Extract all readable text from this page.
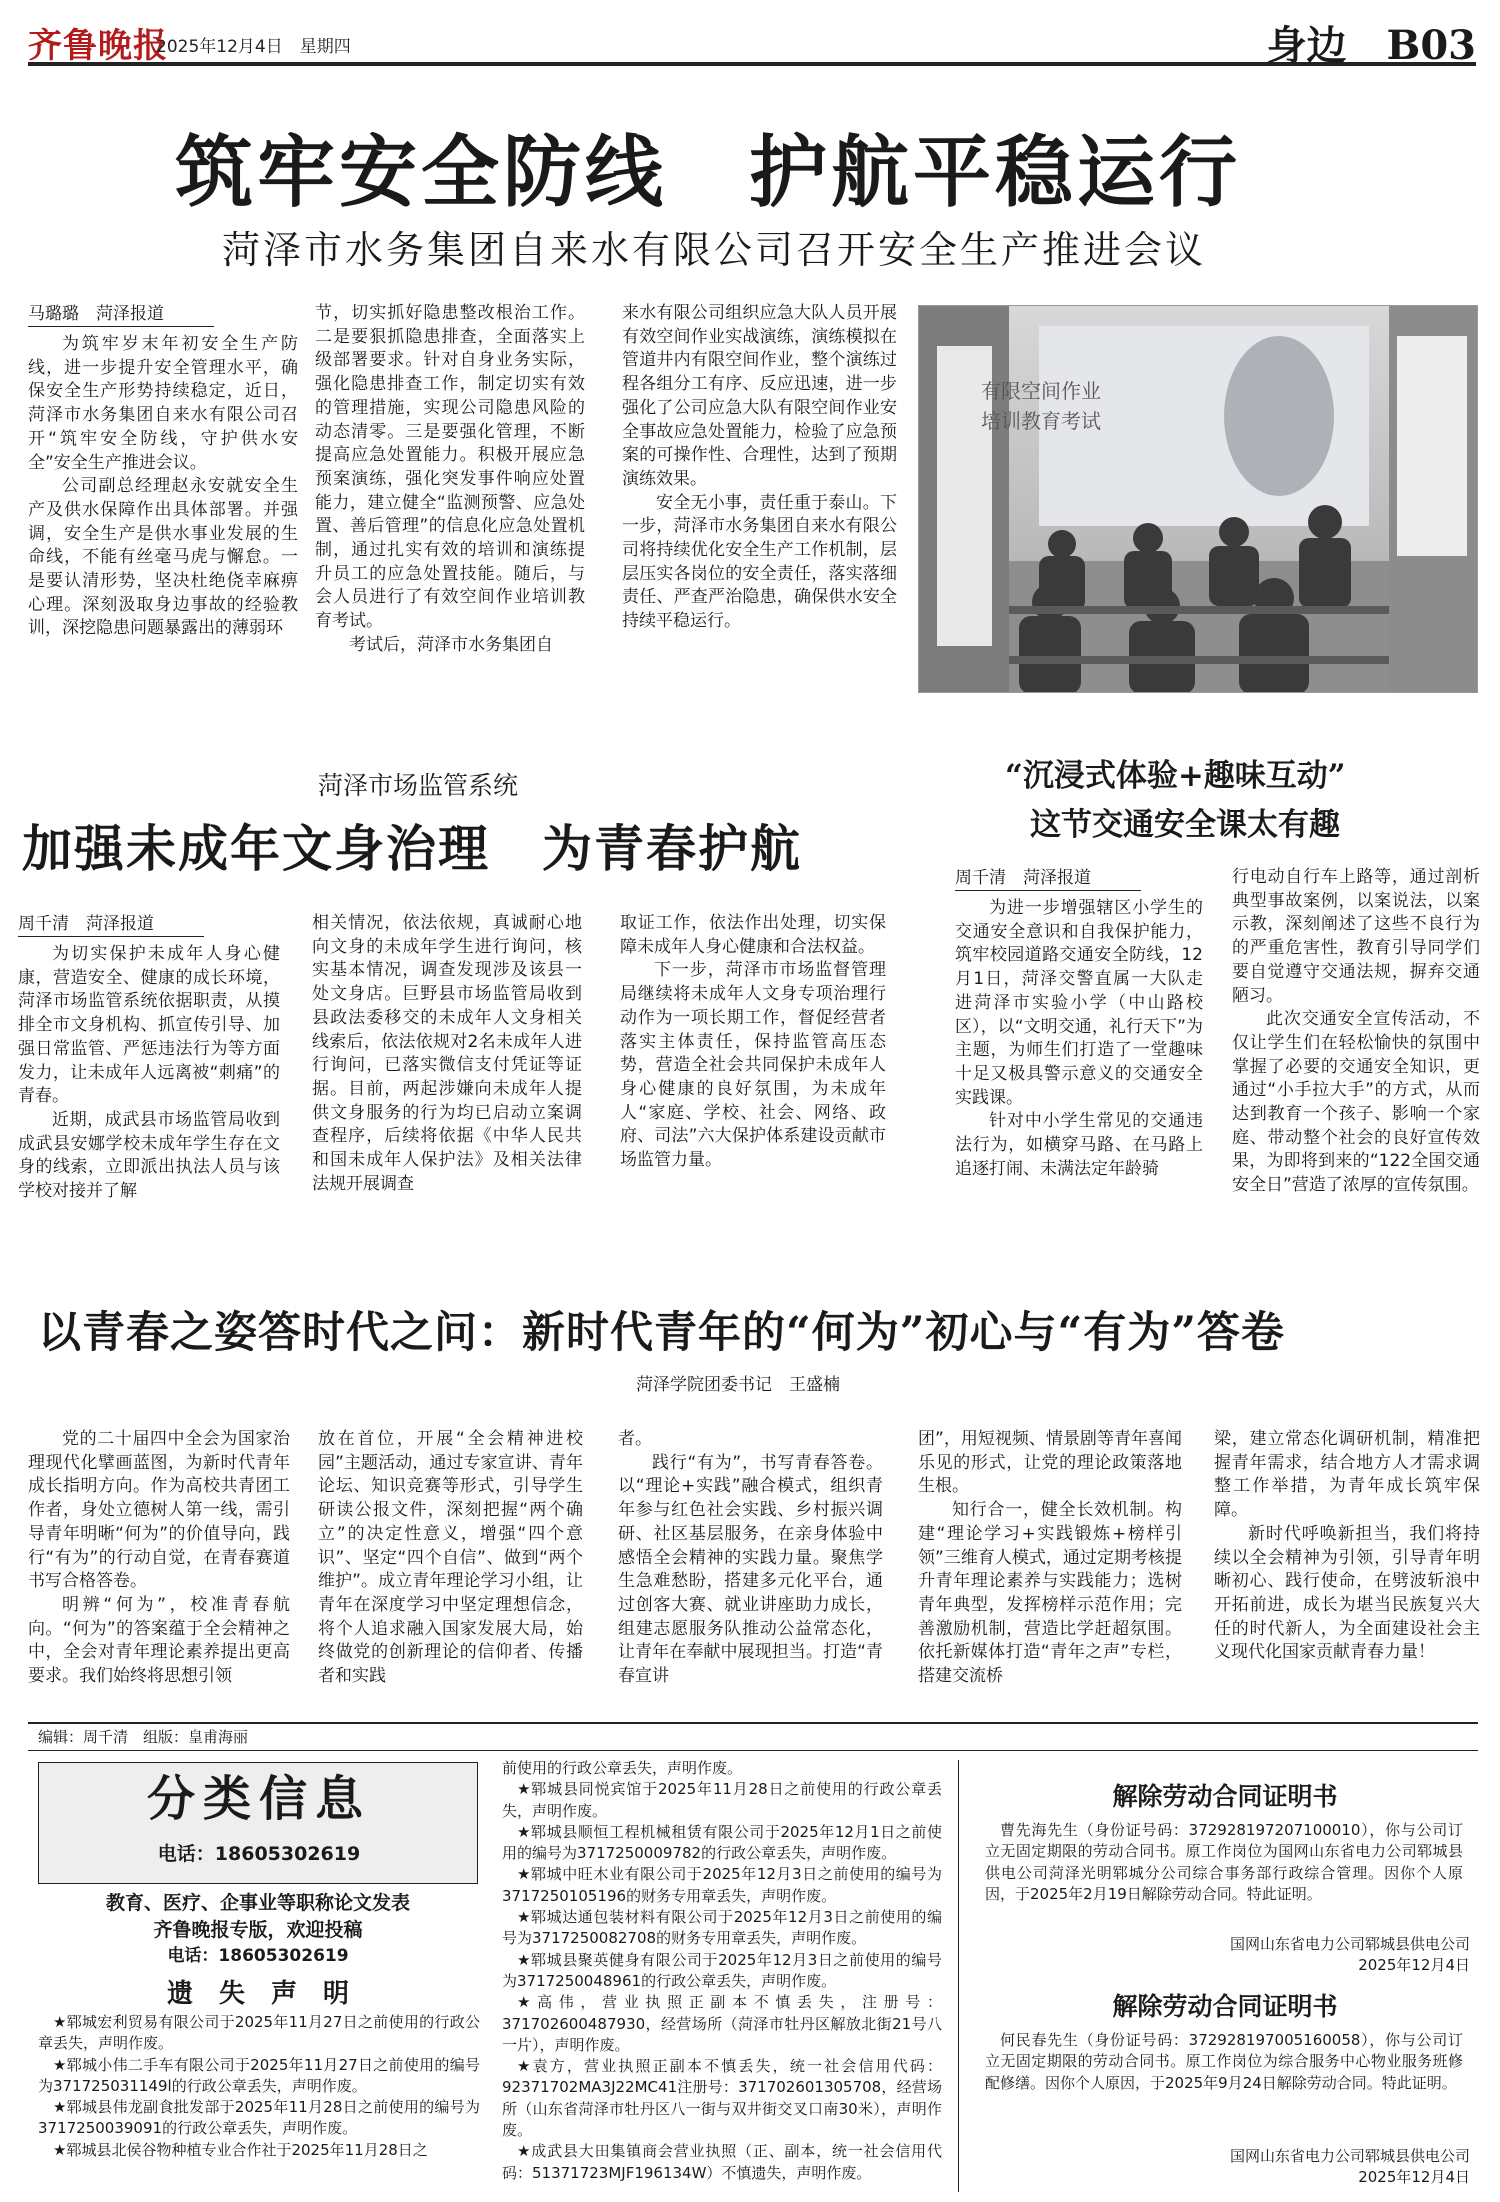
齐鲁晚报
2025年12月4日　星期四	身边　B03
筑牢安全防线　护航平稳运行
菏泽市水务集团自来水有限公司召开安全生产推进会议
马璐璐　菏泽报道

为筑牢岁末年初安全生产防线，进一步提升安全管理水平，确保安全生产形势持续稳定，近日，菏泽市水务集团自来水有限公司召开“筑牢安全防线，守护供水安全”安全生产推进会议。

公司副总经理赵永安就安全生产及供水保障作出具体部署。并强调，安全生产是供水事业发展的生命线，不能有丝毫马虎与懈怠。一是要认清形势，坚决杜绝侥幸麻痹心理。深刻汲取身边事故的经验教训，深挖隐患问题暴露出的薄弱环

节，切实抓好隐患整改根治工作。二是要狠抓隐患排查，全面落实上级部署要求。针对自身业务实际，强化隐患排查工作，制定切实有效的管理措施，实现公司隐患风险的动态清零。三是要强化管理，不断提高应急处置能力。积极开展应急预案演练，强化突发事件响应处置能力，建立健全“监测预警、应急处置、善后管理”的信息化应急处置机制，通过扎实有效的培训和演练提升员工的应急处置技能。随后，与会人员进行了有效空间作业培训教育考试。

考试后，菏泽市水务集团自

来水有限公司组织应急大队人员开展有效空间作业实战演练，演练模拟在管道井内有限空间作业，整个演练过程各组分工有序、反应迅速，进一步强化了公司应急大队有限空间作业安全事故应急处置能力，检验了应急预案的可操作性、合理性，达到了预期演练效果。

安全无小事，责任重于泰山。下一步，菏泽市水务集团自来水有限公司将持续优化安全生产工作机制，层层压实各岗位的安全责任，落实落细责任、严查严治隐患，确保供水安全持续平稳运行。

有限空间作业
培训教育考试
菏泽市场监管系统
加强未成年文身治理　为青春护航
周千清　菏泽报道

为切实保护未成年人身心健康，营造安全、健康的成长环境，菏泽市场监管系统依据职责，从摸排全市文身机构、抓宣传引导、加强日常监管、严惩违法行为等方面发力，让未成年人远离被“刺痛”的青春。

近期，成武县市场监管局收到成武县安娜学校未成年学生存在文身的线索，立即派出执法人员与该学校对接并了解

相关情况，依法依规，真诚耐心地向文身的未成年学生进行询问，核实基本情况，调查发现涉及该县一处文身店。巨野县市场监管局收到县政法委移交的未成年人文身相关线索后，依法依规对2名未成年人进行询问，已落实微信支付凭证等证据。目前，两起涉嫌向未成年人提供文身服务的行为均已启动立案调查程序，后续将依据《中华人民共和国未成年人保护法》及相关法律法规开展调查

取证工作，依法作出处理，切实保障未成年人身心健康和合法权益。

下一步，菏泽市市场监督管理局继续将未成年人文身专项治理行动作为一项长期工作，督促经营者落实主体责任，保持监管高压态势，营造全社会共同保护未成年人身心健康的良好氛围，为未成年人“家庭、学校、社会、网络、政府、司法”六大保护体系建设贡献市场监管力量。

“沉浸式体验+趣味互动”
这节交通安全课太有趣
周千清　菏泽报道

为进一步增强辖区小学生的交通安全意识和自我保护能力，筑牢校园道路交通安全防线，12月1日，菏泽交警直属一大队走进菏泽市实验小学（中山路校区），以“文明交通，礼行天下”为主题，为师生们打造了一堂趣味十足又极具警示意义的交通安全实践课。

针对中小学生常见的交通违法行为，如横穿马路、在马路上追逐打闹、未满法定年龄骑

行电动自行车上路等，通过剖析典型事故案例，以案说法，以案示教，深刻阐述了这些不良行为的严重危害性，教育引导同学们要自觉遵守交通法规，摒弃交通陋习。

此次交通安全宣传活动，不仅让学生们在轻松愉快的氛围中掌握了必要的交通安全知识，更通过“小手拉大手”的方式，从而达到教育一个孩子、影响一个家庭、带动整个社会的良好宣传效果，为即将到来的“122全国交通安全日”营造了浓厚的宣传氛围。

以青春之姿答时代之问：新时代青年的“何为”初心与“有为”答卷
菏泽学院团委书记　王盛楠

党的二十届四中全会为国家治理现代化擘画蓝图，为新时代青年成长指明方向。作为高校共青团工作者，身处立德树人第一线，需引导青年明晰“何为”的价值导向，践行“有为”的行动自觉，在青春赛道书写合格答卷。

明辨“何为”，校准青春航向。“何为”的答案蕴于全会精神之中，全会对青年理论素养提出更高要求。我们始终将思想引领

放在首位，开展“全会精神进校园”主题活动，通过专家宣讲、青年论坛、知识竞赛等形式，引导学生研读公报文件，深刻把握“两个确立”的决定性意义，增强“四个意识”、坚定“四个自信”、做到“两个维护”。成立青年理论学习小组，让青年在深度学习中坚定理想信念，将个人追求融入国家发展大局，始终做党的创新理论的信仰者、传播者和实践

者。

践行“有为”，书写青春答卷。以“理论+实践”融合模式，组织青年参与红色社会实践、乡村振兴调研、社区基层服务，在亲身体验中感悟全会精神的实践力量。聚焦学生急难愁盼，搭建多元化平台，通过创客大赛、就业讲座助力成长，组建志愿服务队推动公益常态化，让青年在奉献中展现担当。打造“青春宣讲

团”，用短视频、情景剧等青年喜闻乐见的形式，让党的理论政策落地生根。

知行合一，健全长效机制。构建“理论学习+实践锻炼+榜样引领”三维育人模式，通过定期考核提升青年理论素养与实践能力；选树青年典型，发挥榜样示范作用；完善激励机制，营造比学赶超氛围。依托新媒体打造“青年之声”专栏，搭建交流桥

梁，建立常态化调研机制，精准把握青年需求，结合地方人才需求调整工作举措，为青年成长筑牢保障。

新时代呼唤新担当，我们将持续以全会精神为引领，引导青年明晰初心、践行使命，在劈波斩浪中开拓前进，成长为堪当民族复兴大任的时代新人，为全面建设社会主义现代化国家贡献青春力量！

编辑：周千清　组版：皇甫海丽
分类信息
电话：18605302619
教育、医疗、企事业等职称论文发表
齐鲁晚报专版，欢迎投稿
电话：18605302619
遗　失　声　明

★郓城宏利贸易有限公司于2025年11月27日之前使用的行政公章丢失，声明作废。

★郓城小伟二手车有限公司于2025年11月27日之前使用的编号为371725031149l的行政公章丢失，声明作废。

★郓城县伟龙副食批发部于2025年11月28日之前使用的编号为3717250039091的行政公章丢失，声明作废。

★郓城县北侯谷物种植专业合作社于2025年11月28日之

前使用的行政公章丢失，声明作废。

★郓城县同悦宾馆于2025年11月28日之前使用的行政公章丢失，声明作废。

★郓城县顺恒工程机械租赁有限公司于2025年12月1日之前使用的编号为3717250009782的行政公章丢失，声明作废。

★郓城中旺木业有限公司于2025年12月3日之前使用的编号为3717250105196的财务专用章丢失，声明作废。

★郓城达通包装材料有限公司于2025年12月3日之前使用的编号为3717250082708的财务专用章丢失，声明作废。

★郓城县聚英健身有限公司于2025年12月3日之前使用的编号为3717250048961的行政公章丢失，声明作废。

★高伟，营业执照正副本不慎丢失，注册号：371702600487930，经营场所（菏泽市牡丹区解放北街21号八一片），声明作废。

★袁方，营业执照正副本不慎丢失，统一社会信用代码：92371702MA3J22MC41注册号：371702601305708，经营场所（山东省菏泽市牡丹区八一街与双井街交叉口南30米），声明作废。

★成武县大田集镇商会营业执照（正、副本，统一社会信用代码：51371723MJF196134W）不慎遗失，声明作废。

解除劳动合同证明书

曹先海先生（身份证号码：372928197207100010），你与公司订立无固定期限的劳动合同书。原工作岗位为国网山东省电力公司郓城县供电公司菏泽光明郓城分公司综合事务部行政综合管理。因你个人原因，于2025年2月19日解除劳动合同。特此证明。

国网山东省电力公司郓城县供电公司
2025年12月4日
解除劳动合同证明书

何民春先生（身份证号码：372928197005160058），你与公司订立无固定期限的劳动合同书。原工作岗位为综合服务中心物业服务班修配修缮。因你个人原因，于2025年9月24日解除劳动合同。特此证明。

国网山东省电力公司郓城县供电公司
2025年12月4日
